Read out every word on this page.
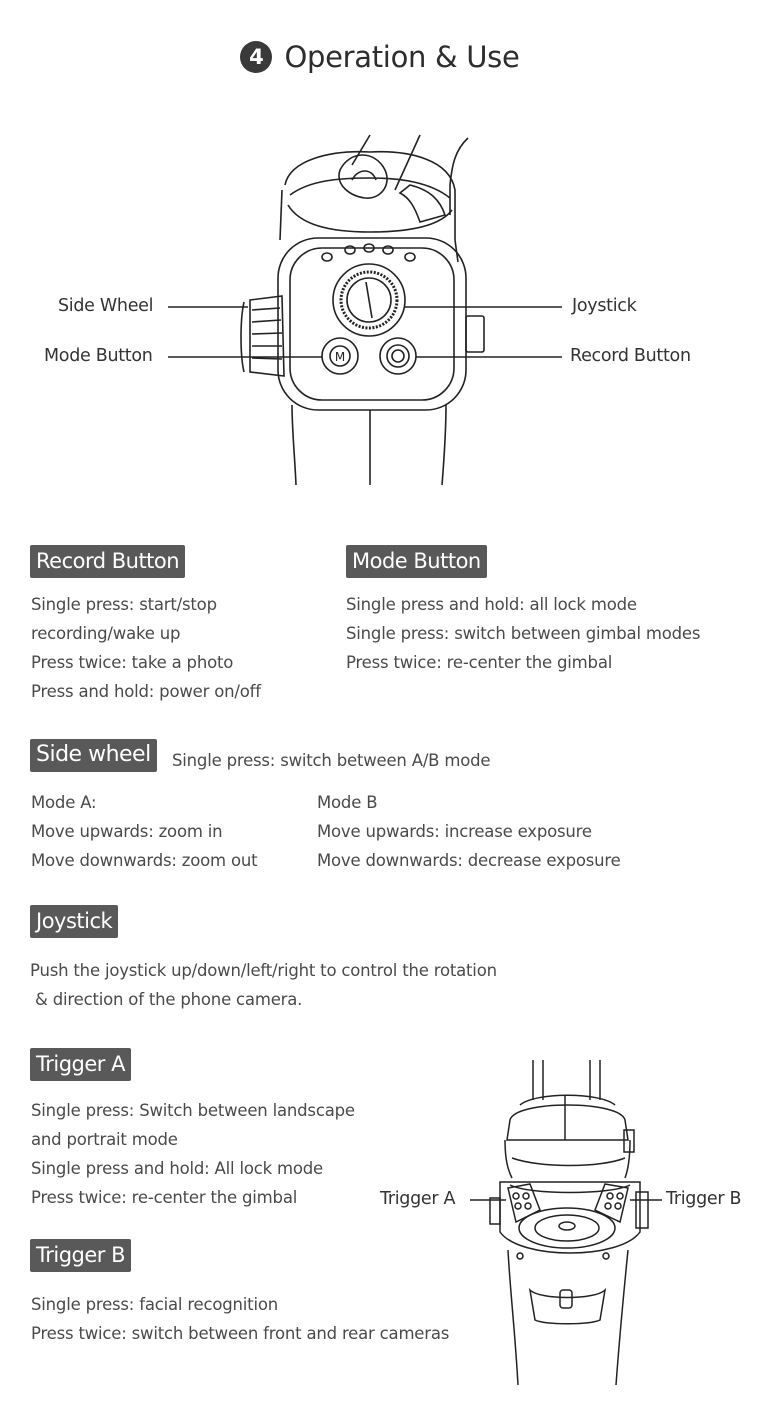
4 Operation & Use
M
Side Wheel
Mode Button
Joystick
Record Button
Record Button
Single press: start/stop
recording/wake up
Press twice: take a photo
Press and hold: power on/off
Mode Button
Single press and hold: all lock mode
Single press: switch between gimbal modes
Press twice: re-center the gimbal
Side wheel	Single press: switch between A/B mode
Mode A:
Move upwards: zoom in
Move downwards: zoom out
Mode B
Move upwards: increase exposure
Move downwards: decrease exposure
Joystick
Push the joystick up/down/left/right to control the rotation
& direction of the phone camera.
Trigger A
Single press: Switch between landscape
and portrait mode
Single press and hold: All lock mode
Press twice: re-center the gimbal
Trigger B
Single press: facial recognition
Press twice: switch between front and rear cameras
Trigger A	Trigger B
